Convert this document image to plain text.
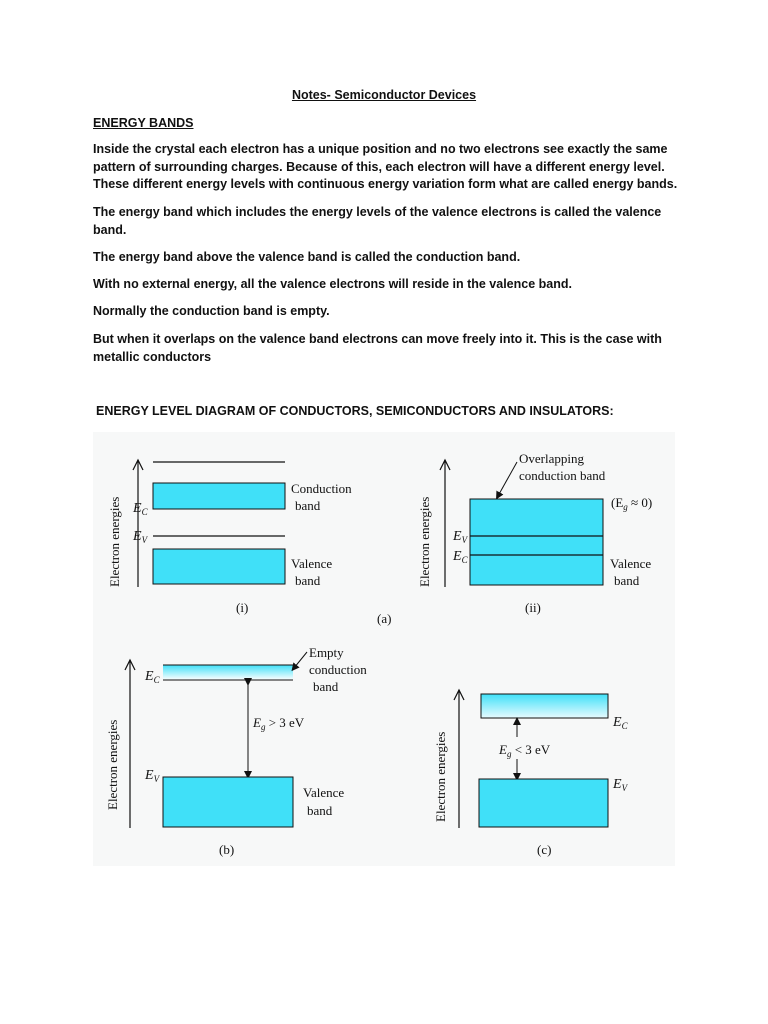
Notes- Semiconductor Devices
ENERGY BANDS

Inside the crystal each electron has a unique position and no two electrons see exactly the same pattern of surrounding charges. Because of this, each electron will have a different energy level. These different energy levels with continuous energy variation form what are called energy bands.

The energy band which includes the energy levels of the valence electrons is called the valence band.

The energy band above the valence band is called the conduction band.

With no external energy, all the valence electrons will reside in the valence band.

Normally the conduction band is empty.

But when it overlaps on the valence band electrons can move freely into it. This is the case with metallic conductors

ENERGY LEVEL DIAGRAM OF CONDUCTORS, SEMICONDUCTORS AND INSULATORS:
Electron energies $E_C$
$E_V$
Conduction
band
Valence
band
(i)
Electron energies
Overlapping
conduction band
$(E_g \approx 0)$
$E_V$
$E_C$	Valence
band
(ii)
(a)
Electron energies
Empty
conduction
band
$E_C$
$E_V$
$E_g > 3$ eV
Valence
band
(b)
Electron energies	$E_g < 3$ eV
$E_C$
$E_V$
(c)
